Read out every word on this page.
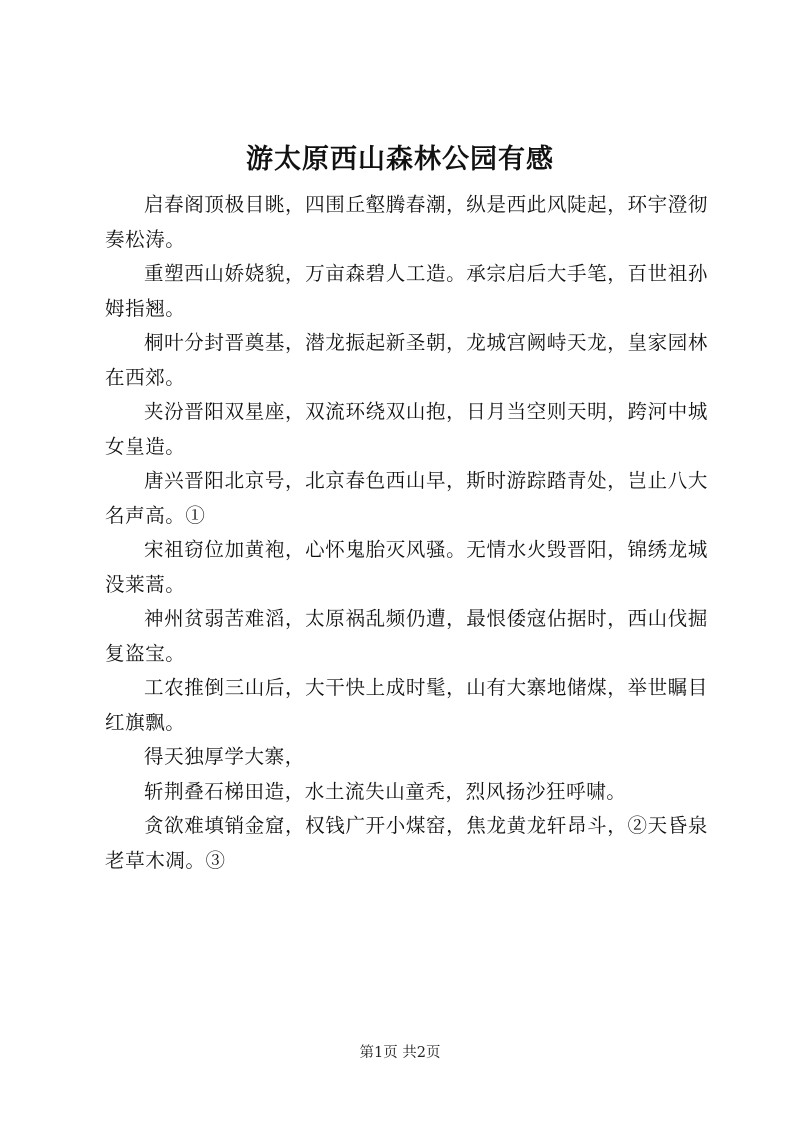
游太原西山森林公园有感

启春阁顶极目眺，四围丘壑腾春潮，纵是西此风陡起，环宇澄彻奏松涛。

重塑西山娇娆貌，万亩森碧人工造。承宗启后大手笔，百世祖孙姆指翘。

桐叶分封晋奠基，潜龙振起新圣朝，龙城宫阙峙天龙，皇家园林在西郊。

夹汾晋阳双星座，双流环绕双山抱，日月当空则天明，跨河中城女皇造。

唐兴晋阳北京号，北京春色西山早，斯时游踪踏青处，岂止八大名声高。①

宋祖窃位加黄袍，心怀鬼胎灭风骚。无情水火毁晋阳，锦绣龙城没莱蒿。

神州贫弱苦难滔，太原祸乱频仍遭，最恨倭寇佔据时，西山伐掘复盗宝。

工农推倒三山后，大干快上成时髦，山有大寨地储煤，举世瞩目红旗飘。

得天独厚学大寨，

斩荆叠石梯田造，水土流失山童秃，烈风扬沙狂呼啸。

贪欲难填销金窟，权钱广开小煤窑，焦龙黄龙轩昂斗，②天昏泉老草木凋。③

第1页 共2页
